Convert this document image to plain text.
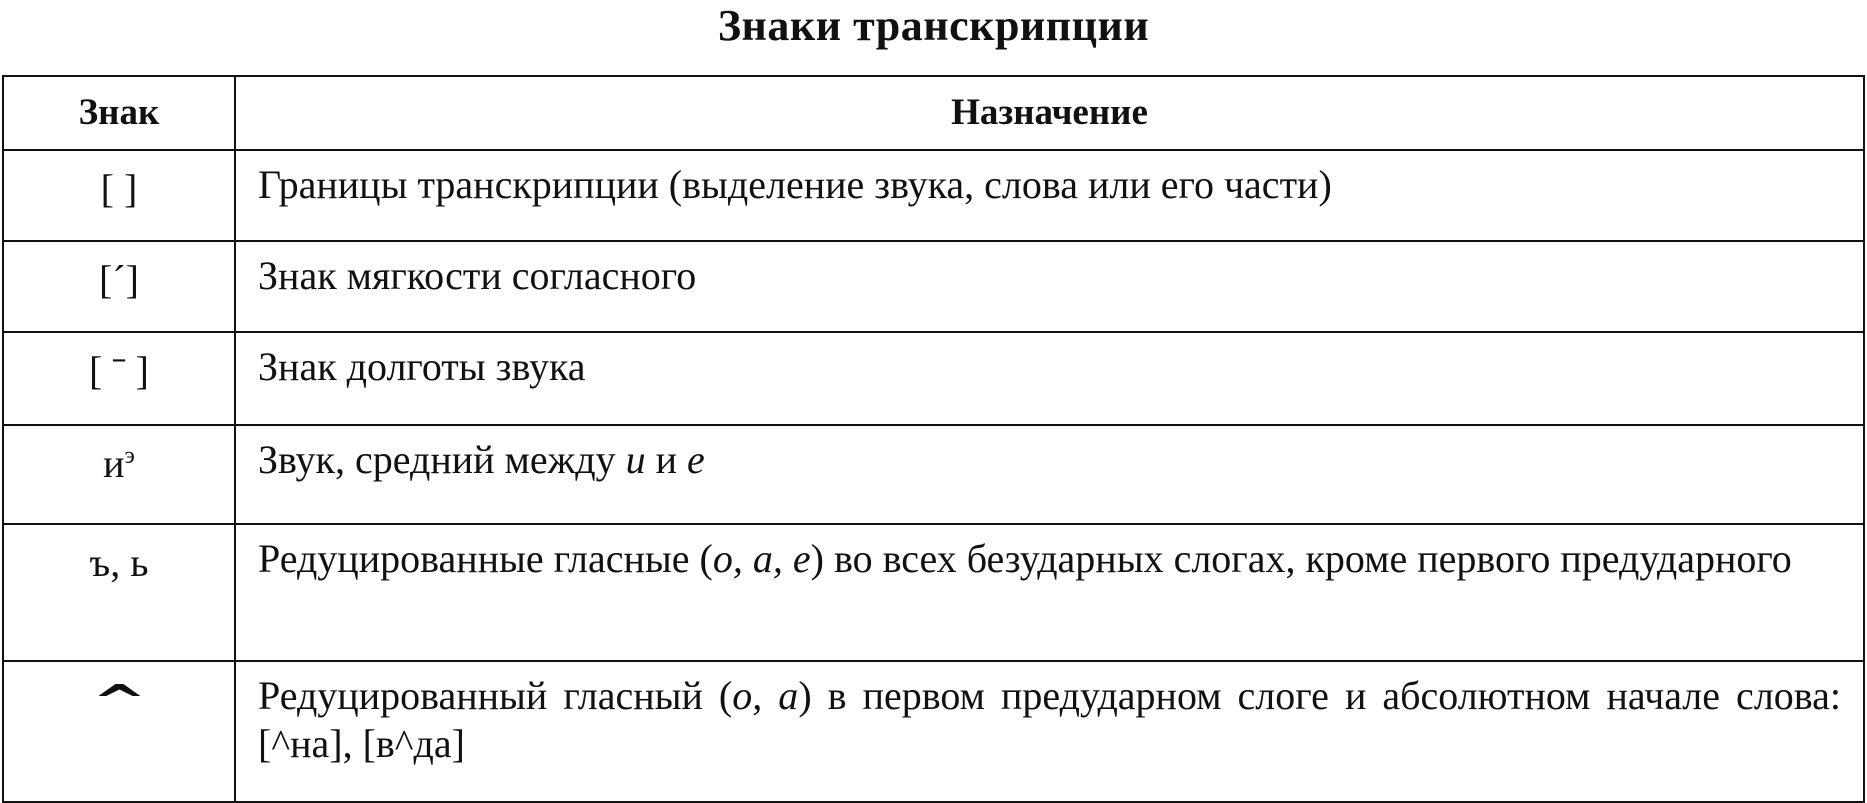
Знаки транскрипции
Знак	Назначение
[ ]	Границы транскрипции (выделение звука, слова или его части)
[ˊ]	Знак мягкости согласного
[ ˉ ]	Знак долготы звука
$и^э$	Звук, средний между и и е
ъ, ь	Редуцированные гласные (о, а, е) во всех безударных слогах, кроме первого предударного
^	Редуцированный гласный (о, а) в первом предударном слоге и абсолютном начале слова: [^на], [в^да]
